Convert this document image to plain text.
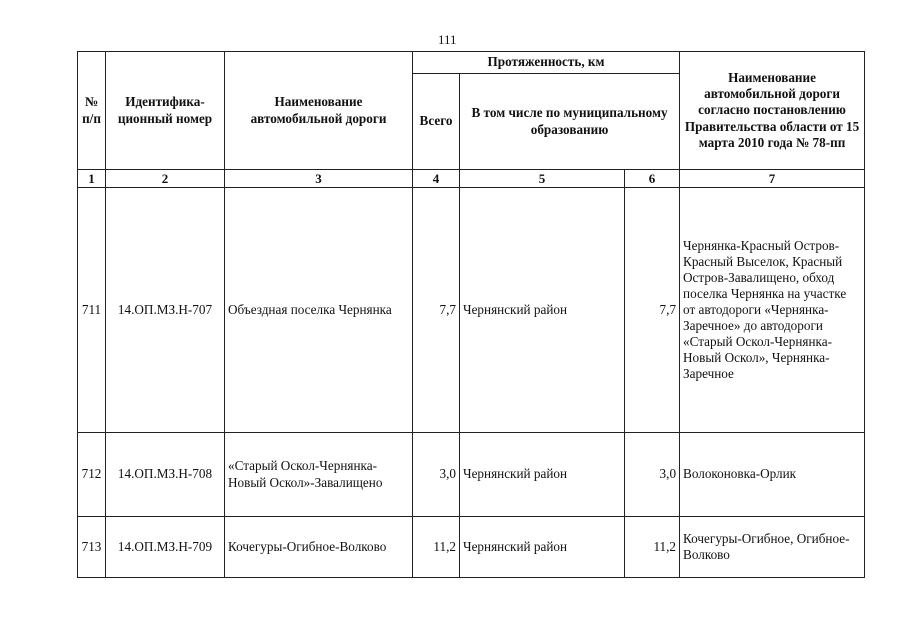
111
№ п/п	Идентифика-ционный номер	Наименование автомобильной дороги	Протяженность, км			Наименование автомобильной дороги согласно постановлению Правительства области от 15 марта 2010 года № 78-пп
			Всего	В том числе по муниципальному образованию		
1	2	3	4	5	6	7
711	14.ОП.МЗ.Н-707	Объездная поселка Чернянка	7,7	Чернянский район	7,7	Чернянка-Красный Остров-Красный Выселок, Красный Остров-Завалищено, обход поселка Чернянка на участке от автодороги «Чернянка-Заречное» до автодороги «Старый Оскол-Чернянка-Новый Оскол», Чернянка-Заречное
712	14.ОП.МЗ.Н-708	«Старый Оскол-Чернянка-Новый Оскол»-Завалищено	3,0	Чернянский район	3,0	Волоконовка-Орлик
713	14.ОП.МЗ.Н-709	Кочегуры-Огибное-Волково	11,2	Чернянский район	11,2	Кочегуры-Огибное, Огибное-Волково
